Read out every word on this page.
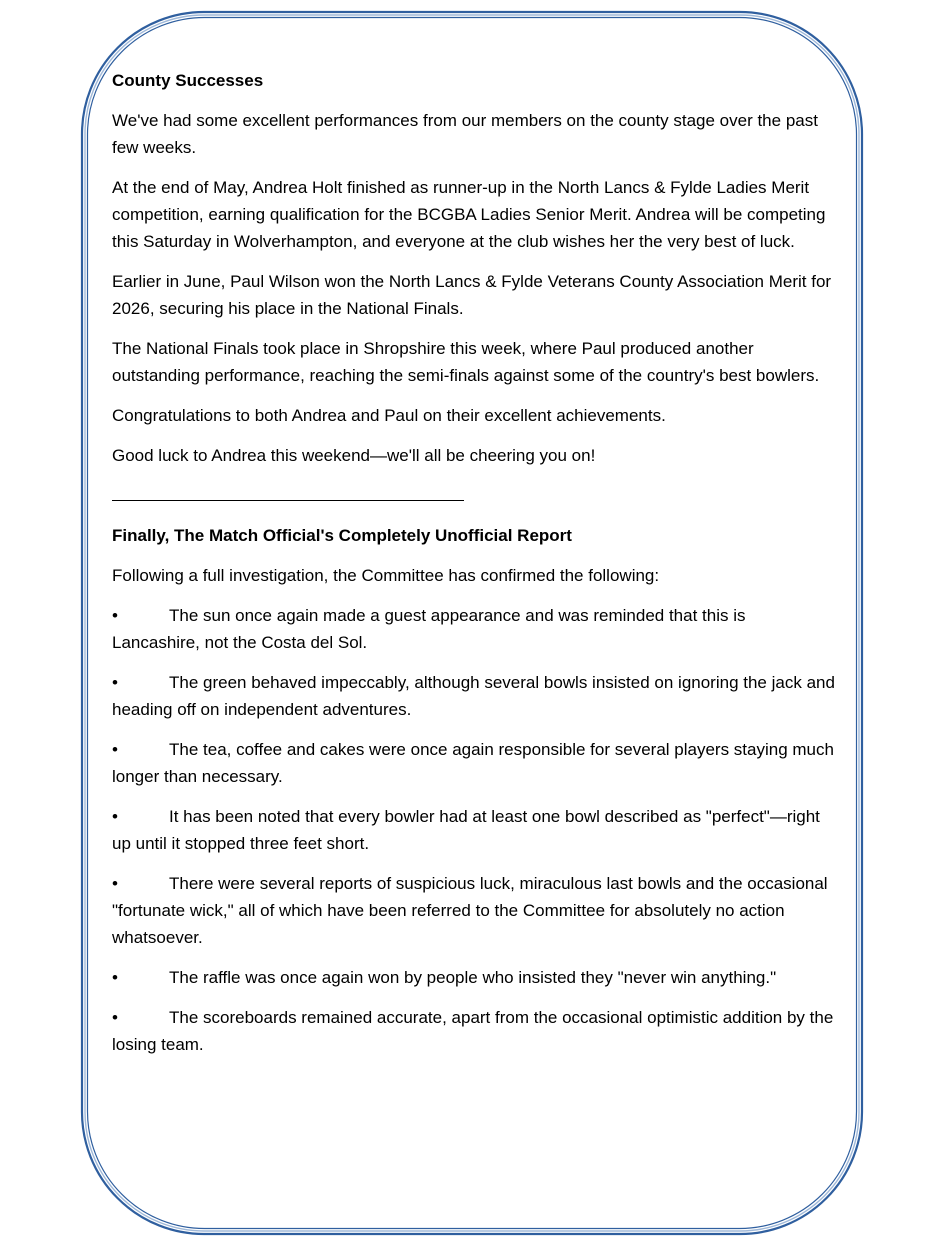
County Successes
We've had some excellent performances from our members on the county stage over the past few weeks.
At the end of May, Andrea Holt finished as runner-up in the North Lancs & Fylde Ladies Merit competition, earning qualification for the BCGBA Ladies Senior Merit. Andrea will be competing this Saturday in Wolverhampton, and everyone at the club wishes her the very best of luck.
Earlier in June, Paul Wilson won the North Lancs & Fylde Veterans County Association Merit for 2026, securing his place in the National Finals.
The National Finals took place in Shropshire this week, where Paul produced another outstanding performance, reaching the semi-finals against some of the country's best bowlers.
Congratulations to both Andrea and Paul on their excellent achievements.
Good luck to Andrea this weekend—we'll all be cheering you on!
Finally, The Match Official's Completely Unofficial Report
Following a full investigation, the Committee has confirmed the following:
•	The sun once again made a guest appearance and was reminded that this is Lancashire, not the Costa del Sol.
•	The green behaved impeccably, although several bowls insisted on ignoring the jack and heading off on independent adventures.
•	The tea, coffee and cakes were once again responsible for several players staying much longer than necessary.
•	It has been noted that every bowler had at least one bowl described as "perfect"—right up until it stopped three feet short.
•	There were several reports of suspicious luck, miraculous last bowls and the occasional "fortunate wick," all of which have been referred to the Committee for absolutely no action whatsoever.
•	The raffle was once again won by people who insisted they "never win anything."
•	The scoreboards remained accurate, apart from the occasional optimistic addition by the losing team.
